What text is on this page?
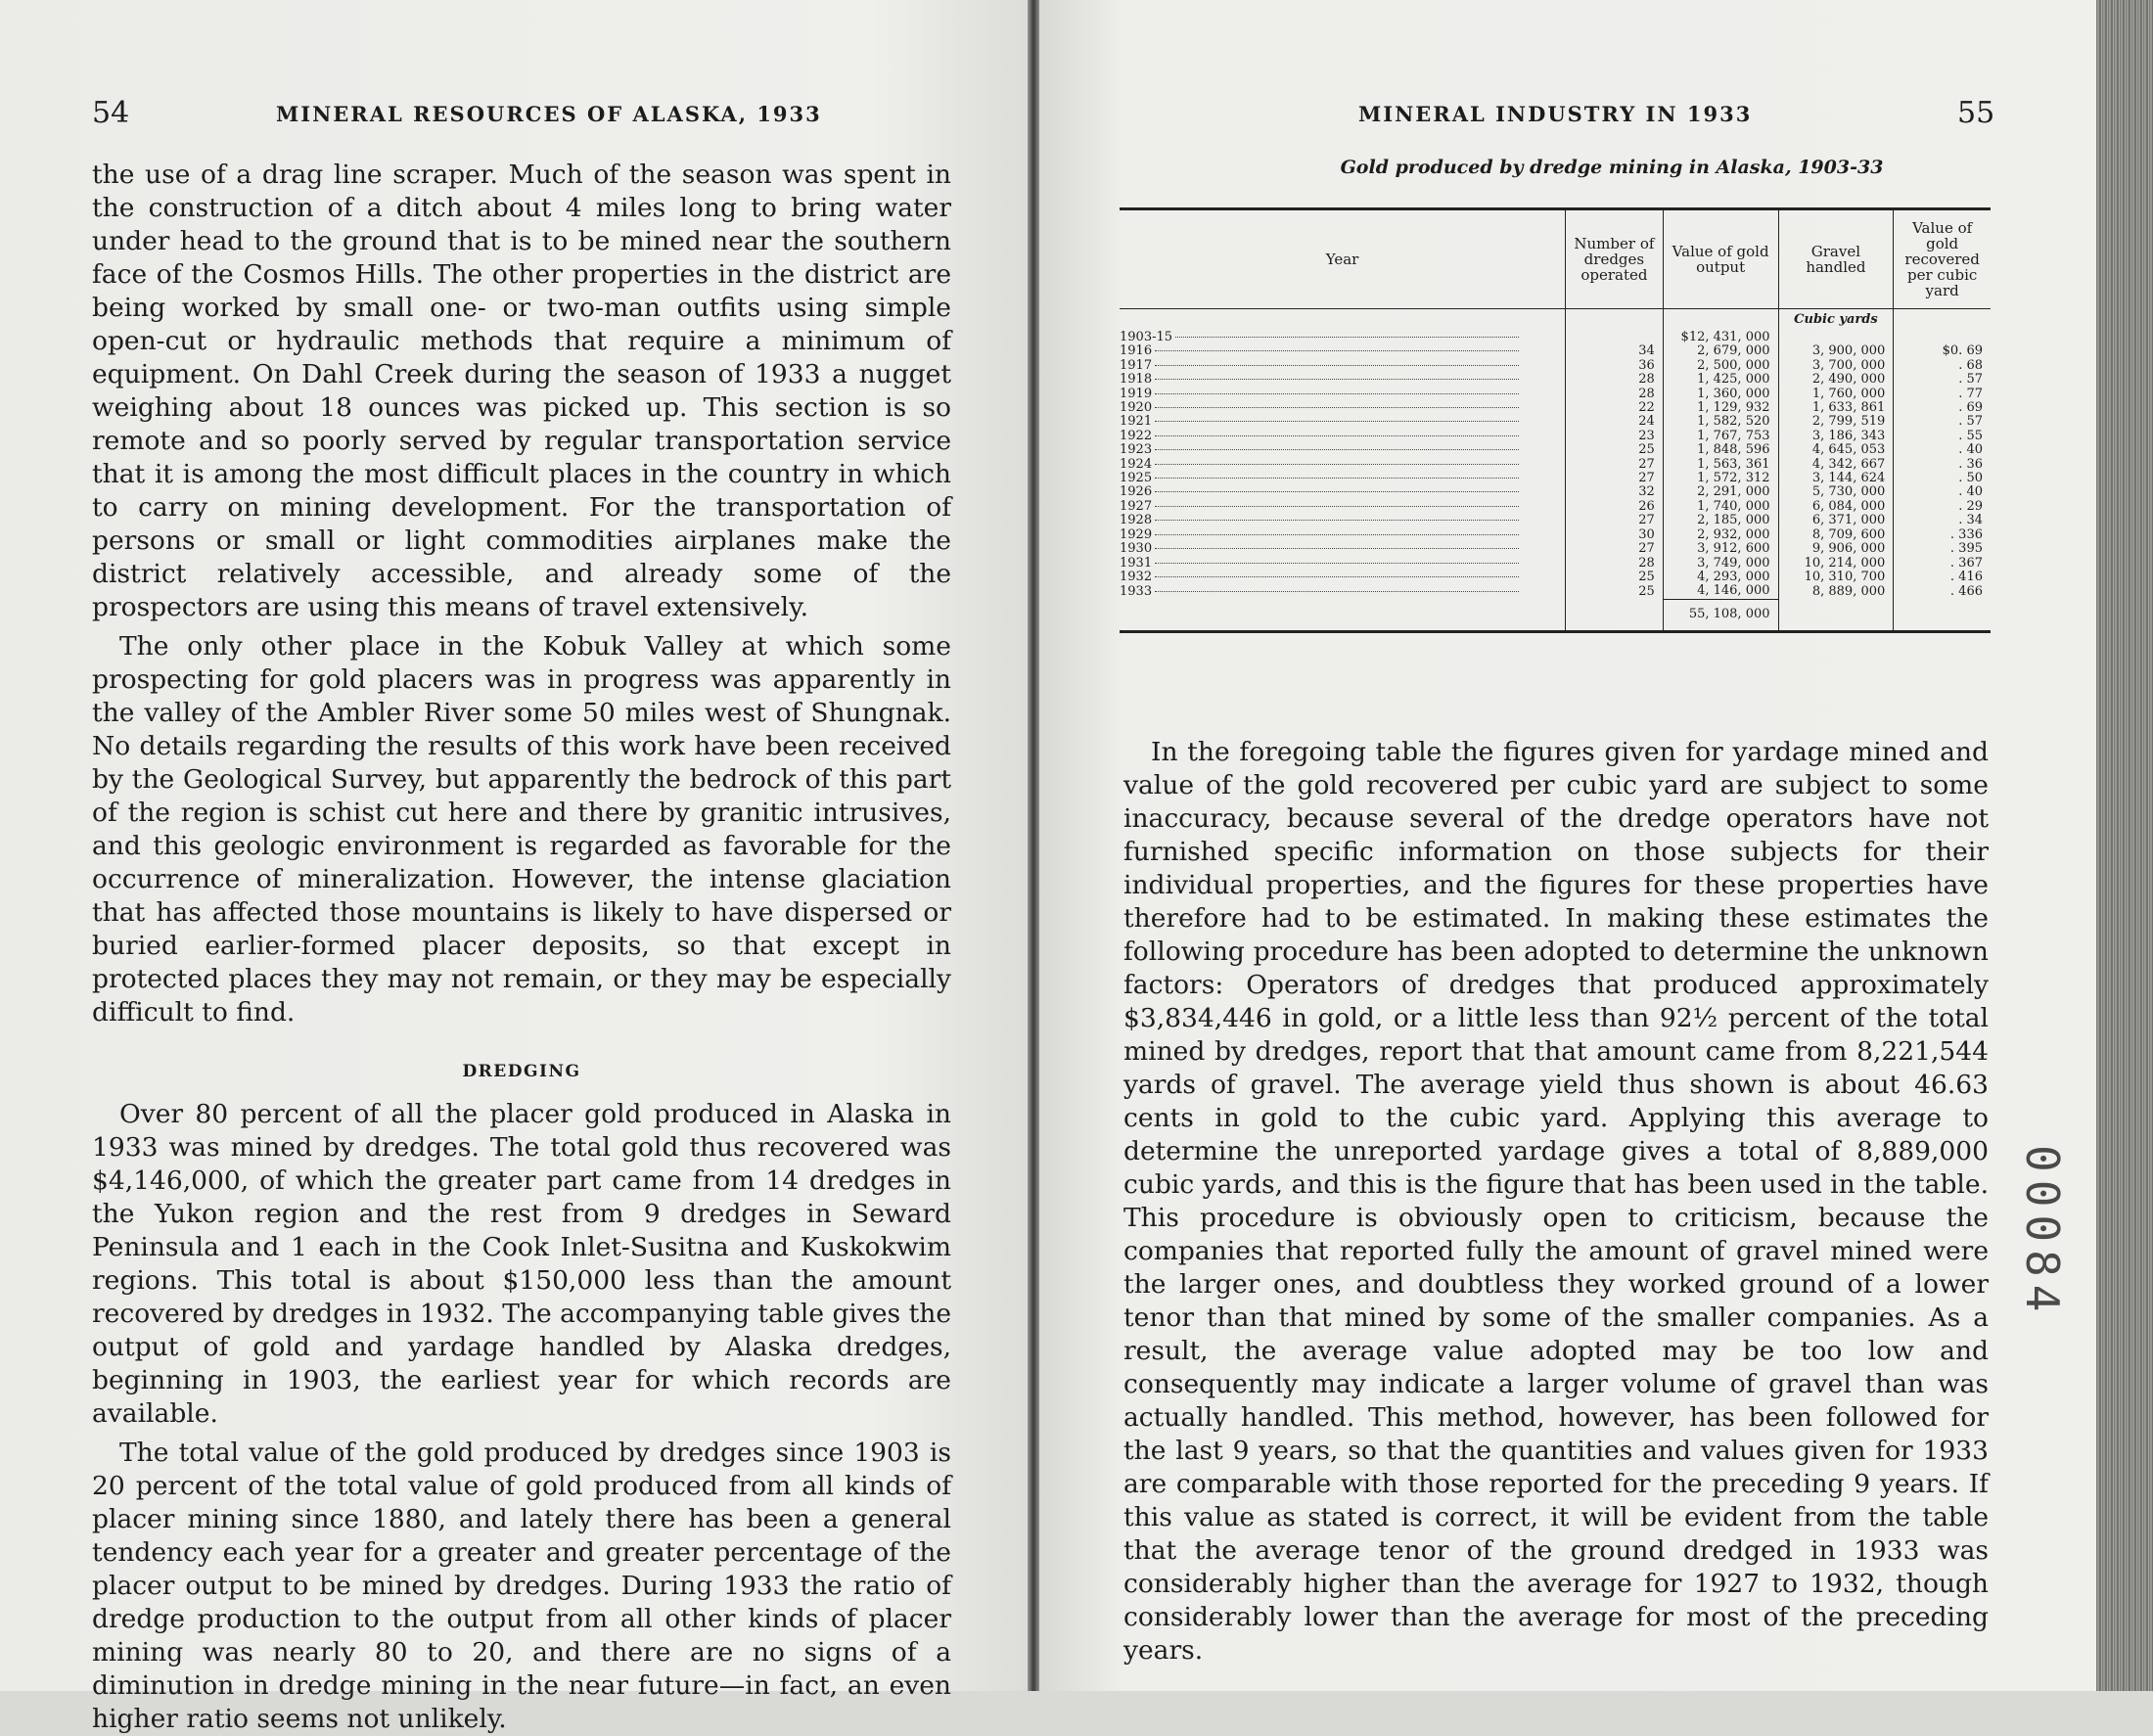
54	MINERAL RESOURCES OF ALASKA, 1933

the use of a drag line scraper. Much of the season was spent in the construction of a ditch about 4 miles long to bring water under head to the ground that is to be mined near the southern face of the Cosmos Hills. The other properties in the district are being worked by small one- or two-man outfits using simple open-cut or hydraulic methods that require a minimum of equipment. On Dahl Creek during the season of 1933 a nugget weighing about 18 ounces was picked up. This section is so remote and so poorly served by regular transportation service that it is among the most difficult places in the country in which to carry on mining development. For the transportation of persons or small or light commodities airplanes make the district relatively accessible, and already some of the prospectors are using this means of travel extensively.

The only other place in the Kobuk Valley at which some prospecting for gold placers was in progress was apparently in the valley of the Ambler River some 50 miles west of Shungnak. No details regarding the results of this work have been received by the Geological Survey, but apparently the bedrock of this part of the region is schist cut here and there by granitic intrusives, and this geologic environment is regarded as favorable for the occurrence of mineralization. However, the intense glaciation that has affected those mountains is likely to have dispersed or buried earlier-formed placer deposits, so that except in protected places they may not remain, or they may be especially difficult to find.

DREDGING

Over 80 percent of all the placer gold produced in Alaska in 1933 was mined by dredges. The total gold thus recovered was $4,146,000, of which the greater part came from 14 dredges in the Yukon region and the rest from 9 dredges in Seward Peninsula and 1 each in the Cook Inlet-Susitna and Kuskokwim regions. This total is about $150,000 less than the amount recovered by dredges in 1932. The accompanying table gives the output of gold and yardage handled by Alaska dredges, beginning in 1903, the earliest year for which records are available.

The total value of the gold produced by dredges since 1903 is 20 percent of the total value of gold produced from all kinds of placer mining since 1880, and lately there has been a general tendency each year for a greater and greater percentage of the placer output to be mined by dredges. During 1933 the ratio of dredge production to the output from all other kinds of placer mining was nearly 80 to 20, and there are no signs of a diminution in dredge mining in the near future—in fact, an even higher ratio seems not unlikely.

MINERAL INDUSTRY IN 1933	55
Gold produced by dredge mining in Alaska, 1903-33
Year	Number of dredges operated	Value of gold output	Gravel handled	Value of gold recovered per cubic yard
			Cubic yards	
1903-15		$12, 431, 000		
1916	34	2, 679, 000	3, 900, 000	$0. 69
1917	36	2, 500, 000	3, 700, 000	. 68
1918	28	1, 425, 000	2, 490, 000	. 57
1919	28	1, 360, 000	1, 760, 000	. 77
1920	22	1, 129, 932	1, 633, 861	. 69
1921	24	1, 582, 520	2, 799, 519	. 57
1922	23	1, 767, 753	3, 186, 343	. 55
1923	25	1, 848, 596	4, 645, 053	. 40
1924	27	1, 563, 361	4, 342, 667	. 36
1925	27	1, 572, 312	3, 144, 624	. 50
1926	32	2, 291, 000	5, 730, 000	. 40
1927	26	1, 740, 000	6, 084, 000	. 29
1928	27	2, 185, 000	6, 371, 000	. 34
1929	30	2, 932, 000	8, 709, 600	. 336
1930	27	3, 912, 600	9, 906, 000	. 395
1931	28	3, 749, 000	10, 214, 000	. 367
1932	25	4, 293, 000	10, 310, 700	. 416
1933	25	4, 146, 000	8, 889, 000	. 466
		55, 108, 000		

In the foregoing table the figures given for yardage mined and value of the gold recovered per cubic yard are subject to some inaccuracy, because several of the dredge operators have not furnished specific information on those subjects for their individual properties, and the figures for these properties have therefore had to be estimated. In making these estimates the following procedure has been adopted to determine the unknown factors: Operators of dredges that produced approximately $3,834,446 in gold, or a little less than 92½ percent of the total mined by dredges, report that that amount came from 8,221,544 yards of gravel. The average yield thus shown is about 46.63 cents in gold to the cubic yard. Applying this average to determine the unreported yardage gives a total of 8,889,000 cubic yards, and this is the figure that has been used in the table. This procedure is obviously open to criticism, because the companies that reported fully the amount of gravel mined were the larger ones, and doubtless they worked ground of a lower tenor than that mined by some of the smaller companies. As a result, the average value adopted may be too low and consequently may indicate a larger volume of gravel than was actually handled. This method, however, has been followed for the last 9 years, so that the quantities and values given for 1933 are comparable with those reported for the preceding 9 years. If this value as stated is correct, it will be evident from the table that the average tenor of the ground dredged in 1933 was considerably higher than the average for 1927 to 1932, though considerably lower than the average for most of the preceding years.

00084
